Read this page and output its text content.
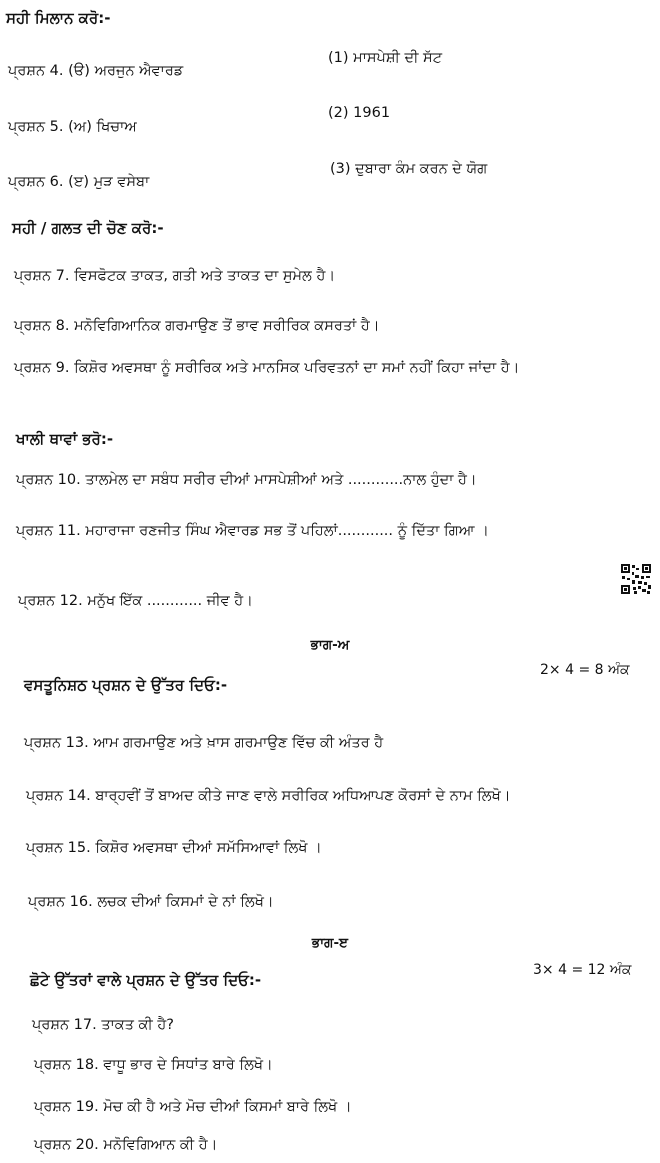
ਸਹੀ ਮਿਲਾਨ ਕਰੋ:-
ਪ੍ਰਸ਼ਨ 4. (ੳ) ਅਰਜੁਨ ਐਵਾਰਡ
(1) ਮਾਸਪੇਸ਼ੀ ਦੀ ਸੱਟ
ਪ੍ਰਸ਼ਨ 5. (ਅ) ਖਿਚਾਅ
(2) 1961
ਪ੍ਰਸ਼ਨ 6. (ੲ) ਮੁੜ ਵਸੇਬਾ
(3) ਦੁਬਾਰਾ ਕੰਮ ਕਰਨ ਦੇ ਯੋਗ
ਸਹੀ / ਗਲਤ ਦੀ ਚੋਣ ਕਰੋ:-
ਪ੍ਰਸ਼ਨ 7. ਵਿਸਫੋਟਕ ਤਾਕਤ, ਗਤੀ ਅਤੇ ਤਾਕਤ ਦਾ ਸੁਮੇਲ ਹੈ।
ਪ੍ਰਸ਼ਨ 8. ਮਨੋਵਿਗਿਆਨਿਕ ਗਰਮਾਉਣ ਤੋਂ ਭਾਵ ਸਰੀਰਿਕ ਕਸਰਤਾਂ ਹੈ।
ਪ੍ਰਸ਼ਨ 9. ਕਿਸ਼ੋਰ ਅਵਸਥਾ ਨੂੰ ਸਰੀਰਿਕ ਅਤੇ ਮਾਨਸਿਕ ਪਰਿਵਤਨਾਂ ਦਾ ਸਮਾਂ ਨਹੀਂ ਕਿਹਾ ਜਾਂਦਾ ਹੈ।
ਖਾਲੀ ਥਾਵਾਂ ਭਰੋ:-
ਪ੍ਰਸ਼ਨ 10. ਤਾਲਮੇਲ ਦਾ ਸਬੰਧ ਸਰੀਰ ਦੀਆਂ ਮਾਸਪੇਸ਼ੀਆਂ ਅਤੇ ............ਨਾਲ ਹੁੰਦਾ ਹੈ।
ਪ੍ਰਸ਼ਨ 11. ਮਹਾਰਾਜਾ ਰਣਜੀਤ ਸਿੰਘ ਐਵਾਰਡ ਸਭ ਤੋਂ ਪਹਿਲਾਂ............ ਨੂੰ ਦਿੱਤਾ ਗਿਆ ।
ਪ੍ਰਸ਼ਨ 12. ਮਨੁੱਖ ਇੱਕ ............ ਜੀਵ ਹੈ।
ਭਾਗ-ਅ
ਵਸਤੂਨਿਸ਼ਠ ਪ੍ਰਸ਼ਨ ਦੇ ਉੱਤਰ ਦਿਓ:-
2× 4 = 8 ਅੰਕ
ਪ੍ਰਸ਼ਨ 13. ਆਮ ਗਰਮਾਉਣ ਅਤੇ ਖ਼ਾਸ ਗਰਮਾਉਣ ਵਿੱਚ ਕੀ ਅੰਤਰ ਹੈ
ਪ੍ਰਸ਼ਨ 14. ਬਾਰ੍ਹਵੀਂ ਤੋਂ ਬਾਅਦ ਕੀਤੇ ਜਾਣ ਵਾਲੇ ਸਰੀਰਿਕ ਅਧਿਆਪਣ ਕੋਰਸਾਂ ਦੇ ਨਾਮ ਲਿਖੋ।
ਪ੍ਰਸ਼ਨ 15. ਕਿਸ਼ੋਰ ਅਵਸਥਾ ਦੀਆਂ ਸਮੱਸਿਆਵਾਂ ਲਿਖੋ ।
ਪ੍ਰਸ਼ਨ 16. ਲਚਕ ਦੀਆਂ ਕਿਸਮਾਂ ਦੇ ਨਾਂ ਲਿਖੋ।
ਭਾਗ-ੲ
ਛੋਟੇ ਉੱਤਰਾਂ ਵਾਲੇ ਪ੍ਰਸ਼ਨ ਦੇ ਉੱਤਰ ਦਿਓ:-
3× 4 = 12 ਅੰਕ
ਪ੍ਰਸ਼ਨ 17. ਤਾਕਤ ਕੀ ਹੈ?
ਪ੍ਰਸ਼ਨ 18. ਵਾਧੂ ਭਾਰ ਦੇ ਸਿਧਾਂਤ ਬਾਰੇ ਲਿਖੋ।
ਪ੍ਰਸ਼ਨ 19. ਮੋਚ ਕੀ ਹੈ ਅਤੇ ਮੋਚ ਦੀਆਂ ਕਿਸਮਾਂ ਬਾਰੇ ਲਿਖੋ ।
ਪ੍ਰਸ਼ਨ 20. ਮਨੋਵਿਗਿਆਨ ਕੀ ਹੈ।
